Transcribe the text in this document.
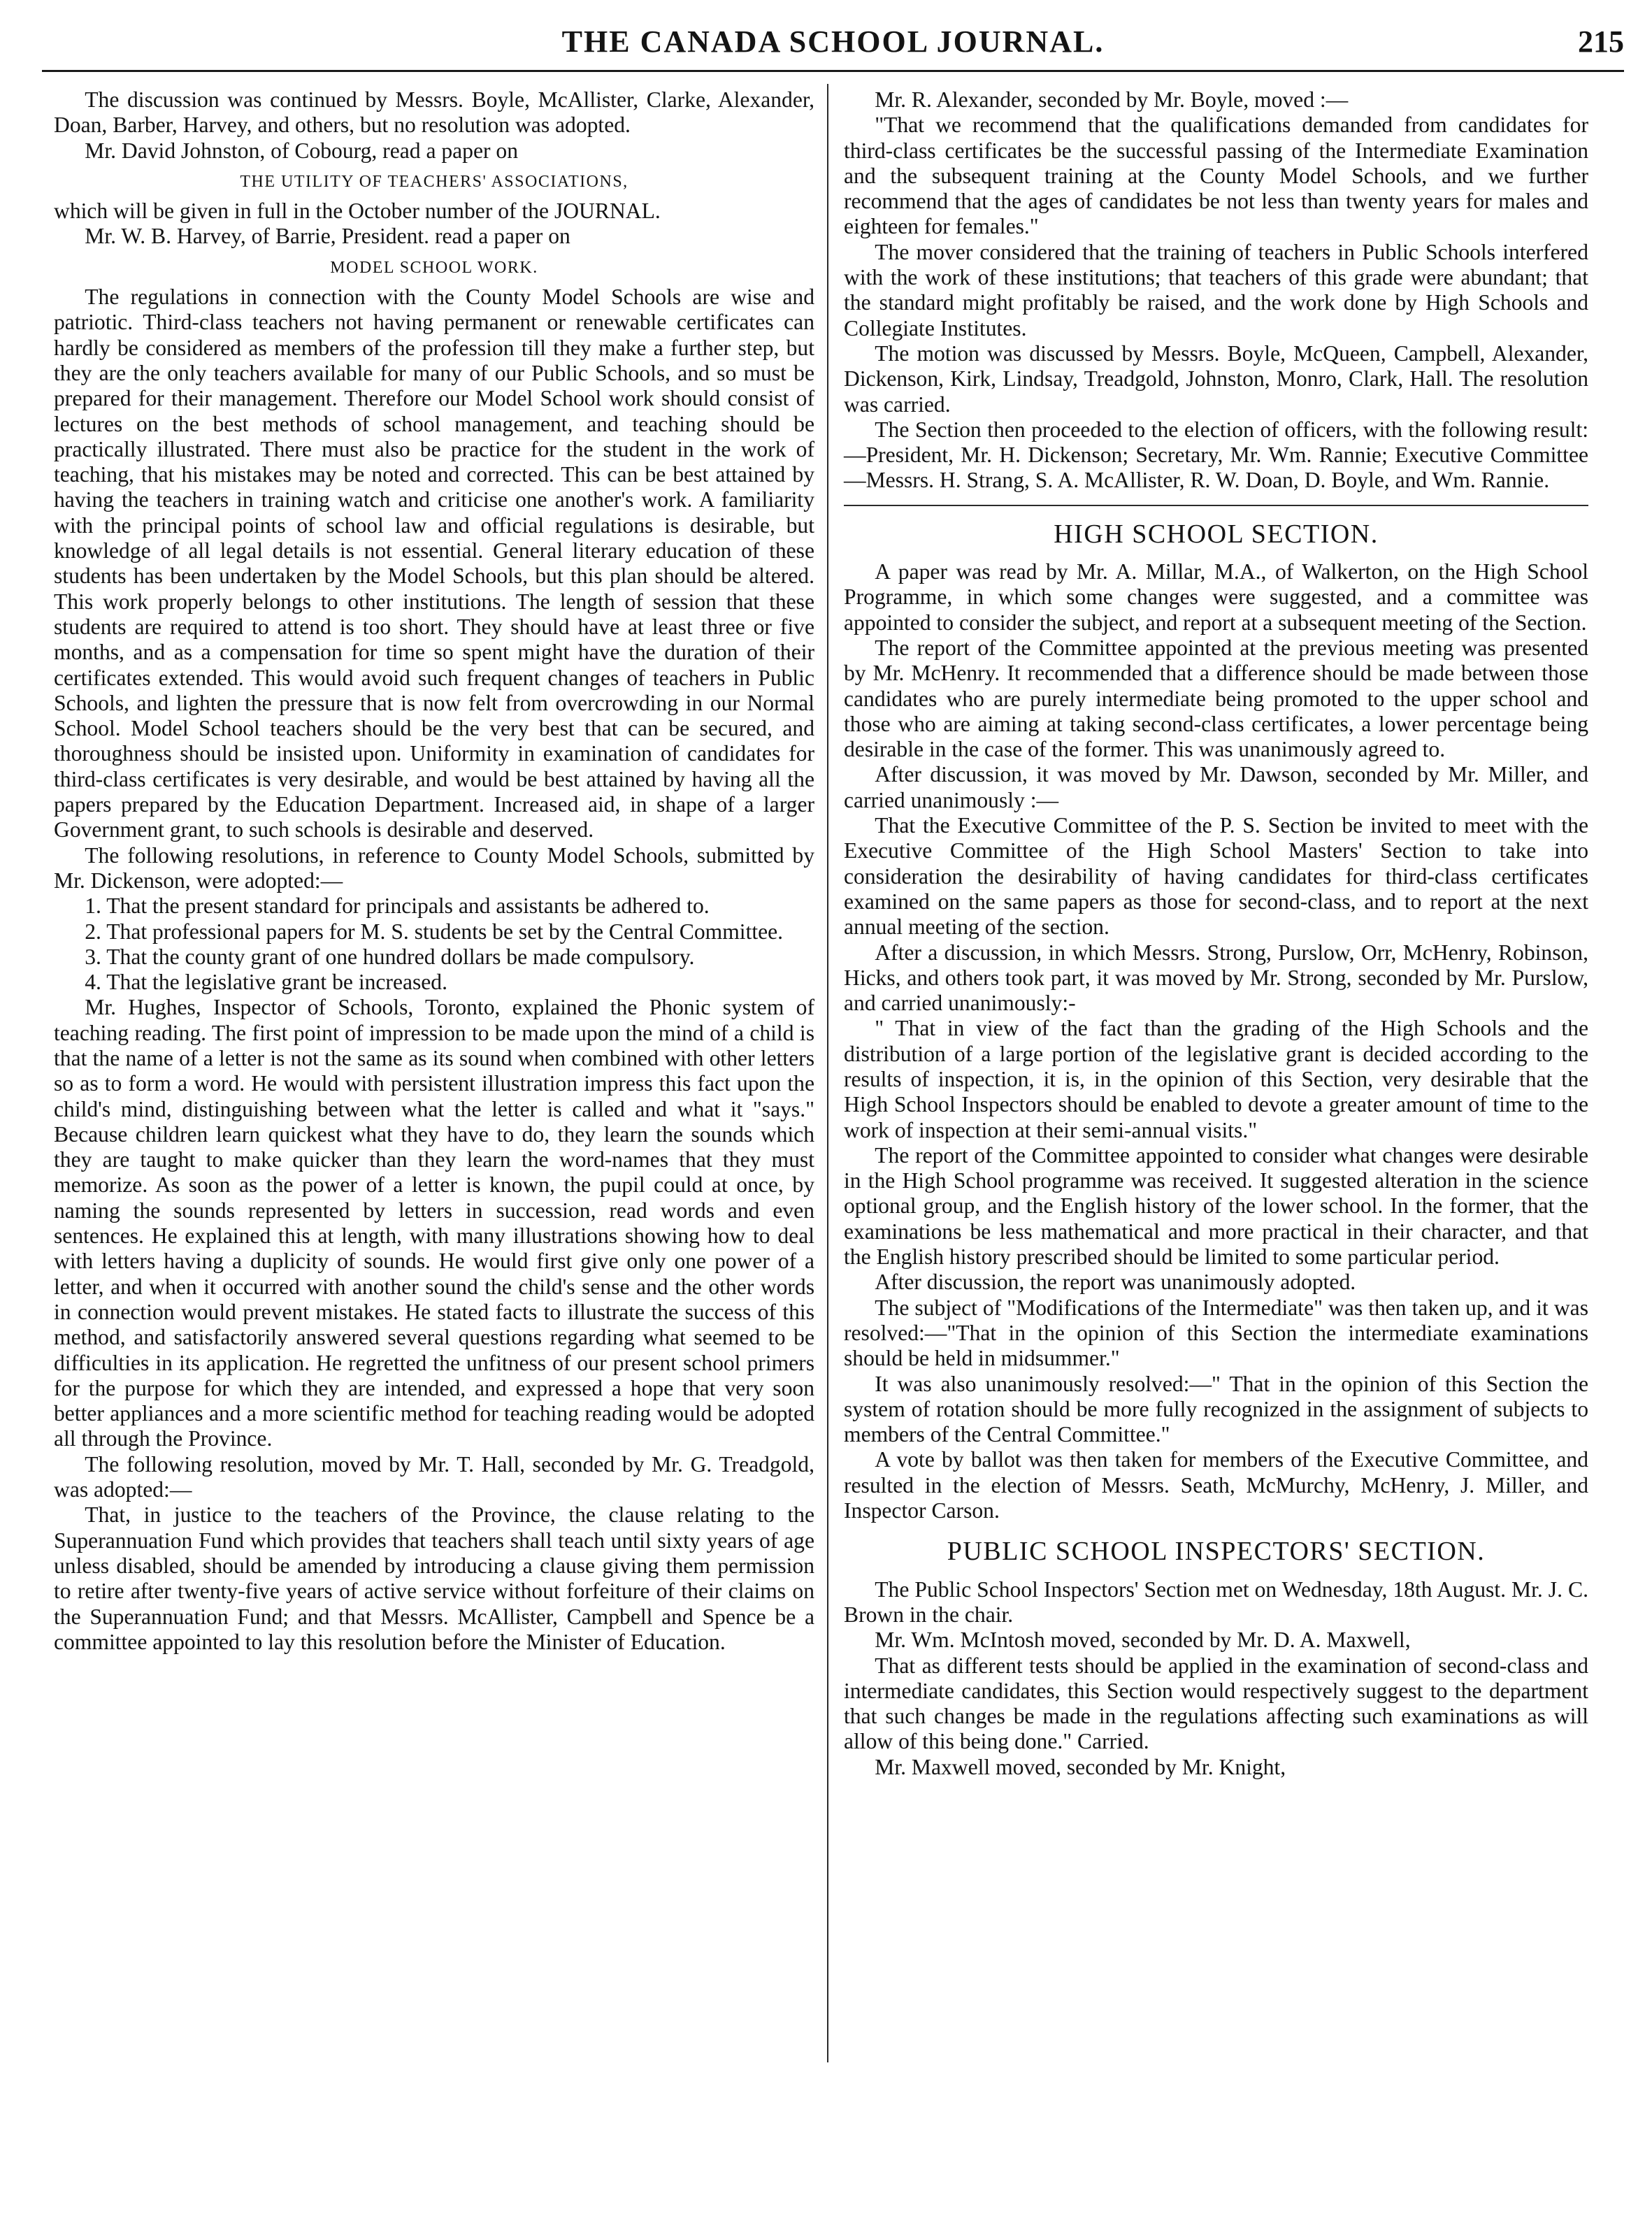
THE CANADA SCHOOL JOURNAL.	215

The discussion was continued by Messrs. Boyle, McAllister, Clarke, Alexander, Doan, Barber, Harvey, and others, but no resolution was adopted.

Mr. David Johnston, of Cobourg, read a paper on

THE UTILITY OF TEACHERS' ASSOCIATIONS,

which will be given in full in the October number of the JOURNAL.

Mr. W. B. Harvey, of Barrie, President. read a paper on

MODEL SCHOOL WORK.

The regulations in connection with the County Model Schools are wise and patriotic. Third-class teachers not having permanent or renewable certificates can hardly be considered as members of the profession till they make a further step, but they are the only teachers available for many of our Public Schools, and so must be prepared for their management. Therefore our Model School work should consist of lectures on the best methods of school management, and teaching should be practically illustrated. There must also be practice for the student in the work of teaching, that his mistakes may be noted and corrected. This can be best attained by having the teachers in training watch and criticise one another's work. A familiarity with the principal points of school law and official regulations is desirable, but knowledge of all legal details is not essential. General literary education of these students has been undertaken by the Model Schools, but this plan should be altered. This work properly belongs to other institutions. The length of session that these students are required to attend is too short. They should have at least three or five months, and as a compensation for time so spent might have the duration of their certificates extended. This would avoid such frequent changes of teachers in Public Schools, and lighten the pressure that is now felt from overcrowding in our Normal School. Model School teachers should be the very best that can be secured, and thoroughness should be insisted upon. Uniformity in examination of candidates for third-class certificates is very desirable, and would be best attained by having all the papers prepared by the Education Department. Increased aid, in shape of a larger Government grant, to such schools is desirable and deserved.

The following resolutions, in reference to County Model Schools, submitted by Mr. Dickenson, were adopted:—

1. That the present standard for principals and assistants be adhered to.

2. That professional papers for M. S. students be set by the Central Committee.

3. That the county grant of one hundred dollars be made compulsory.

4. That the legislative grant be increased.

Mr. Hughes, Inspector of Schools, Toronto, explained the Phonic system of teaching reading. The first point of impression to be made upon the mind of a child is that the name of a letter is not the same as its sound when combined with other letters so as to form a word. He would with persistent illustration impress this fact upon the child's mind, distinguishing between what the letter is called and what it "says." Because children learn quickest what they have to do, they learn the sounds which they are taught to make quicker than they learn the word-names that they must memorize. As soon as the power of a letter is known, the pupil could at once, by naming the sounds represented by letters in succession, read words and even sentences. He explained this at length, with many illustrations showing how to deal with letters having a duplicity of sounds. He would first give only one power of a letter, and when it occurred with another sound the child's sense and the other words in connection would prevent mistakes. He stated facts to illustrate the success of this method, and satisfactorily answered several questions regarding what seemed to be difficulties in its application. He regretted the unfitness of our present school primers for the purpose for which they are intended, and expressed a hope that very soon better appliances and a more scientific method for teaching reading would be adopted all through the Province.

The following resolution, moved by Mr. T. Hall, seconded by Mr. G. Treadgold, was adopted:—

That, in justice to the teachers of the Province, the clause relating to the Superannuation Fund which provides that teachers shall teach until sixty years of age unless disabled, should be amended by introducing a clause giving them permission to retire after twenty-five years of active service without forfeiture of their claims on the Superannuation Fund; and that Messrs. McAllister, Campbell and Spence be a committee appointed to lay this resolution before the Minister of Education.

Mr. R. Alexander, seconded by Mr. Boyle, moved :—

"That we recommend that the qualifications demanded from candidates for third-class certificates be the successful passing of the Intermediate Examination and the subsequent training at the County Model Schools, and we further recommend that the ages of candidates be not less than twenty years for males and eighteen for females."

The mover considered that the training of teachers in Public Schools interfered with the work of these institutions; that teachers of this grade were abundant; that the standard might profitably be raised, and the work done by High Schools and Collegiate Institutes.

The motion was discussed by Messrs. Boyle, McQueen, Campbell, Alexander, Dickenson, Kirk, Lindsay, Treadgold, Johnston, Monro, Clark, Hall. The resolution was carried.

The Section then proceeded to the election of officers, with the following result:—President, Mr. H. Dickenson; Secretary, Mr. Wm. Rannie; Executive Committee—Messrs. H. Strang, S. A. McAllister, R. W. Doan, D. Boyle, and Wm. Rannie.

HIGH SCHOOL SECTION.

A paper was read by Mr. A. Millar, M.A., of Walkerton, on the High School Programme, in which some changes were suggested, and a committee was appointed to consider the subject, and report at a subsequent meeting of the Section.

The report of the Committee appointed at the previous meeting was presented by Mr. McHenry. It recommended that a difference should be made between those candidates who are purely intermediate being promoted to the upper school and those who are aiming at taking second-class certificates, a lower percentage being desirable in the case of the former. This was unanimously agreed to.

After discussion, it was moved by Mr. Dawson, seconded by Mr. Miller, and carried unanimously :—

That the Executive Committee of the P. S. Section be invited to meet with the Executive Committee of the High School Masters' Section to take into consideration the desirability of having candidates for third-class certificates examined on the same papers as those for second-class, and to report at the next annual meeting of the section.

After a discussion, in which Messrs. Strong, Purslow, Orr, McHenry, Robinson, Hicks, and others took part, it was moved by Mr. Strong, seconded by Mr. Purslow, and carried unanimously:-

" That in view of the fact than the grading of the High Schools and the distribution of a large portion of the legislative grant is decided according to the results of inspection, it is, in the opinion of this Section, very desirable that the High School Inspectors should be enabled to devote a greater amount of time to the work of inspection at their semi-annual visits."

The report of the Committee appointed to consider what changes were desirable in the High School programme was received. It suggested alteration in the science optional group, and the English history of the lower school. In the former, that the examinations be less mathematical and more practical in their character, and that the English history prescribed should be limited to some particular period.

After discussion, the report was unanimously adopted.

The subject of "Modifications of the Intermediate" was then taken up, and it was resolved:—"That in the opinion of this Section the intermediate examinations should be held in midsummer."

It was also unanimously resolved:—" That in the opinion of this Section the system of rotation should be more fully recognized in the assignment of subjects to members of the Central Committee."

A vote by ballot was then taken for members of the Executive Committee, and resulted in the election of Messrs. Seath, McMurchy, McHenry, J. Miller, and Inspector Carson.

PUBLIC SCHOOL INSPECTORS' SECTION.

The Public School Inspectors' Section met on Wednesday, 18th August. Mr. J. C. Brown in the chair.

Mr. Wm. McIntosh moved, seconded by Mr. D. A. Maxwell,

That as different tests should be applied in the examination of second-class and intermediate candidates, this Section would respectively suggest to the department that such changes be made in the regulations affecting such examinations as will allow of this being done." Carried.

Mr. Maxwell moved, seconded by Mr. Knight,
